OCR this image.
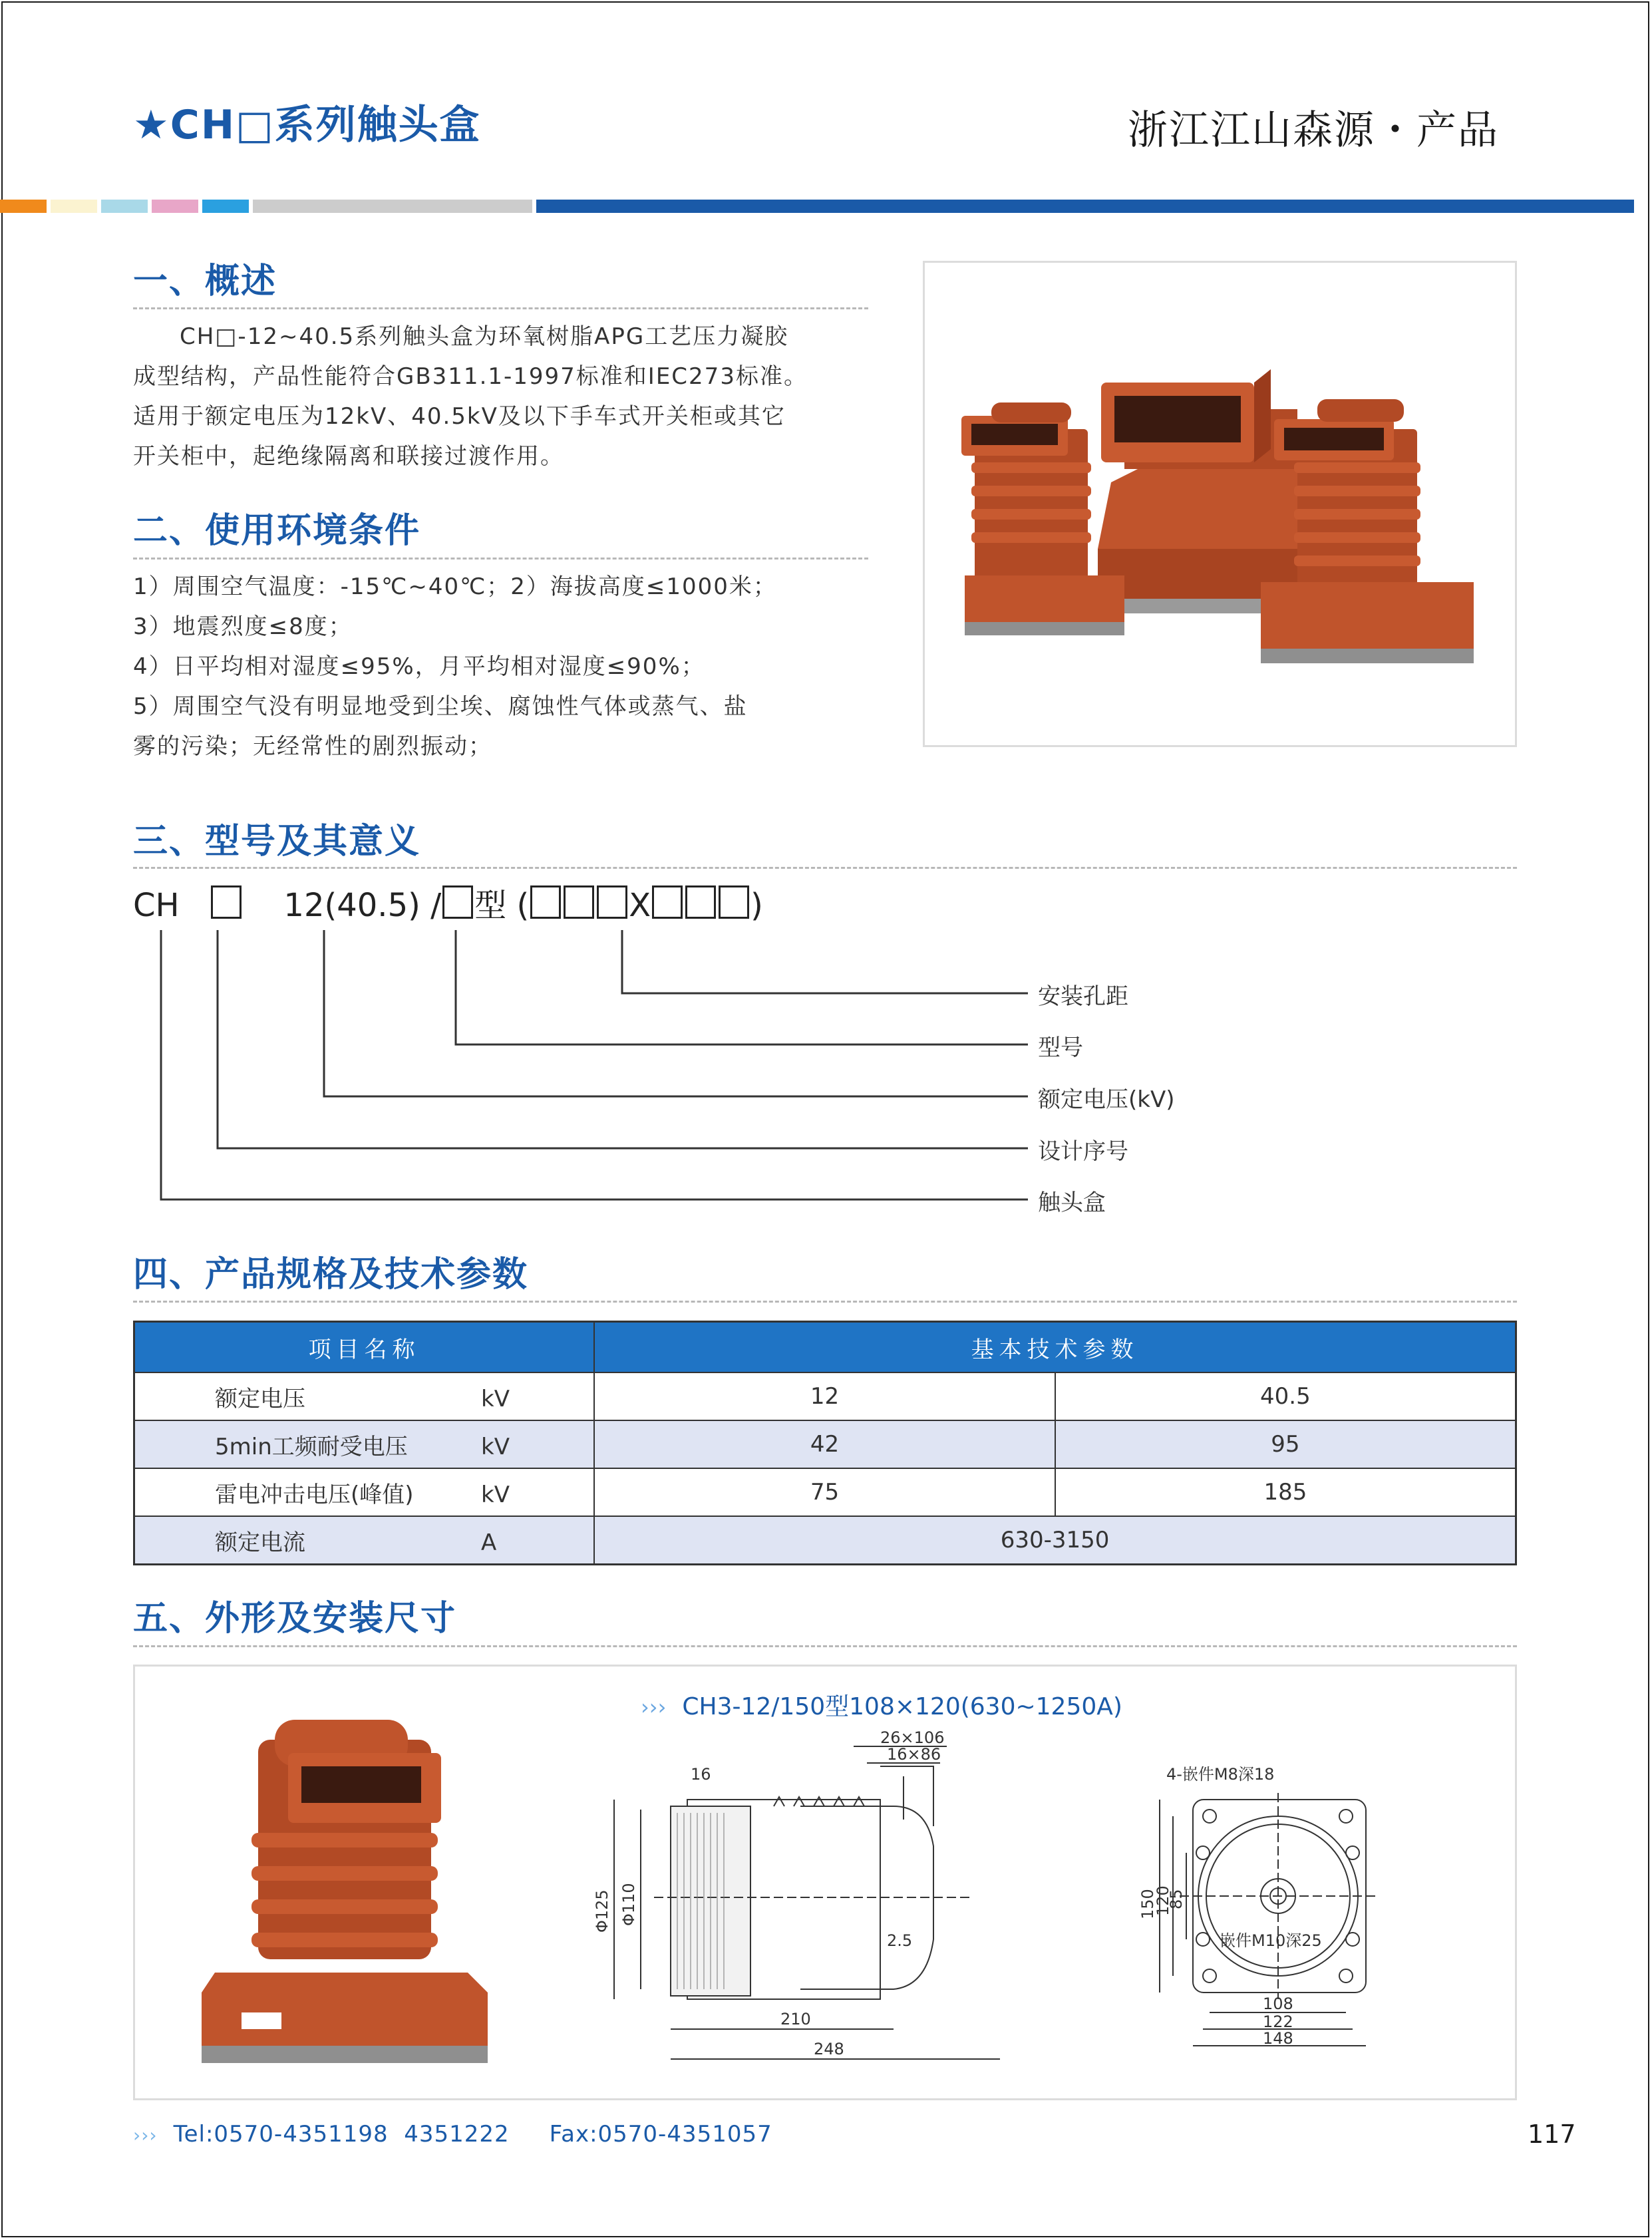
★CH□系列触头盒	浙江江山森源・产品
一、概述
CH□-12~40.5系列触头盒为环氧树脂APG工艺压力凝胶
成型结构，产品性能符合GB311.1-1997标准和IEC273标准。
适用于额定电压为12kV、40.5kV及以下手车式开关柜或其它
开关柜中，起绝缘隔离和联接过渡作用。
二、使用环境条件
1）周围空气温度：-15℃~40℃；2）海拔高度≤1000米；
3）地震烈度≤8度；
4）日平均相对湿度≤95%，月平均相对湿度≤90%；
5）周围空气没有明显地受到尘埃、腐蚀性气体或蒸气、盐
雾的污染；无经常性的剧烈振动；
三、型号及其意义
CH	12(40.5) / 型 (	X	)
安装孔距
型号
额定电压(kV)
设计序号
触头盒
四、产品规格及技术参数
项目名称	基本技术参数	
额定电压 kV	12	40.5
5min工频耐受电压 kV	42	95
雷电冲击电压(峰值) kV	75	185
额定电流 A	630-3150	
五、外形及安装尺寸
››› CH3-12/150型108×120(630~1250A)
26×106
16×86
16
Φ125 Φ110
2.5
210
248
4-嵌件M8深18
150
120
85
嵌件M10深25
108
122
148
››› Tel:0570-4351198  4351222 Fax:0570-4351057	117
